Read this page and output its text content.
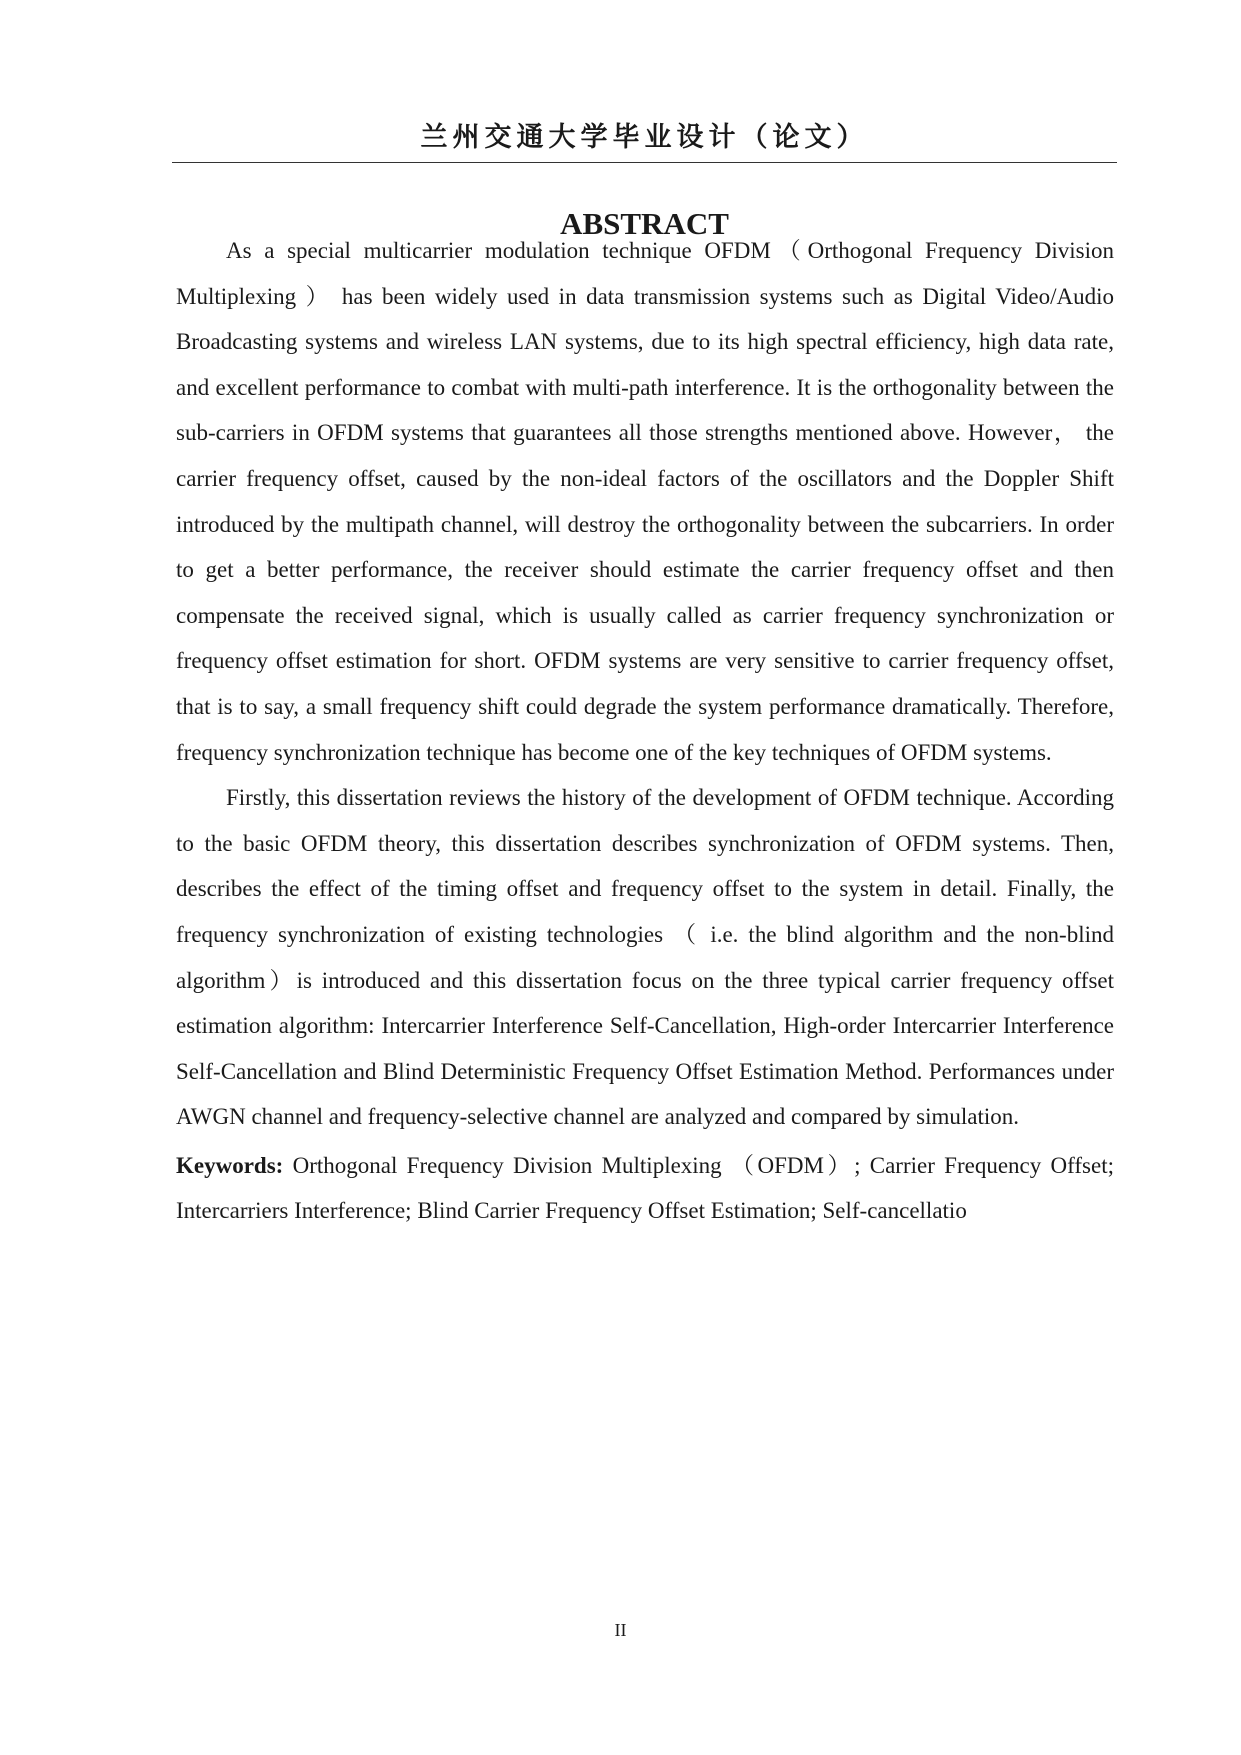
兰州交通大学毕业设计（论文）
ABSTRACT

As a special multicarrier modulation technique OFDM（Orthogonal Frequency Division Multiplexing ） has been widely used in data transmission systems such as Digital Video/Audio Broadcasting systems and wireless LAN systems, due to its high spectral efficiency, high data rate, and excellent performance to combat with multi-path interference. It is the orthogonality between the sub-carriers in OFDM systems that guarantees all those strengths mentioned above. However， the carrier frequency offset, caused by the non-ideal factors of the oscillators and the Doppler Shift introduced by the multipath channel, will destroy the orthogonality between the subcarriers. In order to get a better performance, the receiver should estimate the carrier frequency offset and then compensate the received signal, which is usually called as carrier frequency synchronization or frequency offset estimation for short. OFDM systems are very sensitive to carrier frequency offset, that is to say, a small frequency shift could degrade the system performance dramatically. Therefore, frequency synchronization technique has become one of the key techniques of OFDM systems.

Firstly, this dissertation reviews the history of the development of OFDM technique. According to the basic OFDM theory, this dissertation describes synchronization of OFDM systems. Then, describes the effect of the timing offset and frequency offset to the system in detail. Finally, the frequency synchronization of existing technologies （ i.e. the blind algorithm and the non-blind algorithm）is introduced and this dissertation focus on the three typical carrier frequency offset estimation algorithm: Intercarrier Interference Self-Cancellation, High-order Intercarrier Interference Self-Cancellation and Blind Deterministic Frequency Offset Estimation Method. Performances under AWGN channel and frequency-selective channel are analyzed and compared by simulation.

Keywords: Orthogonal Frequency Division Multiplexing （OFDM）; Carrier Frequency Offset; Intercarriers Interference; Blind Carrier Frequency Offset Estimation; Self-cancellatio

II
